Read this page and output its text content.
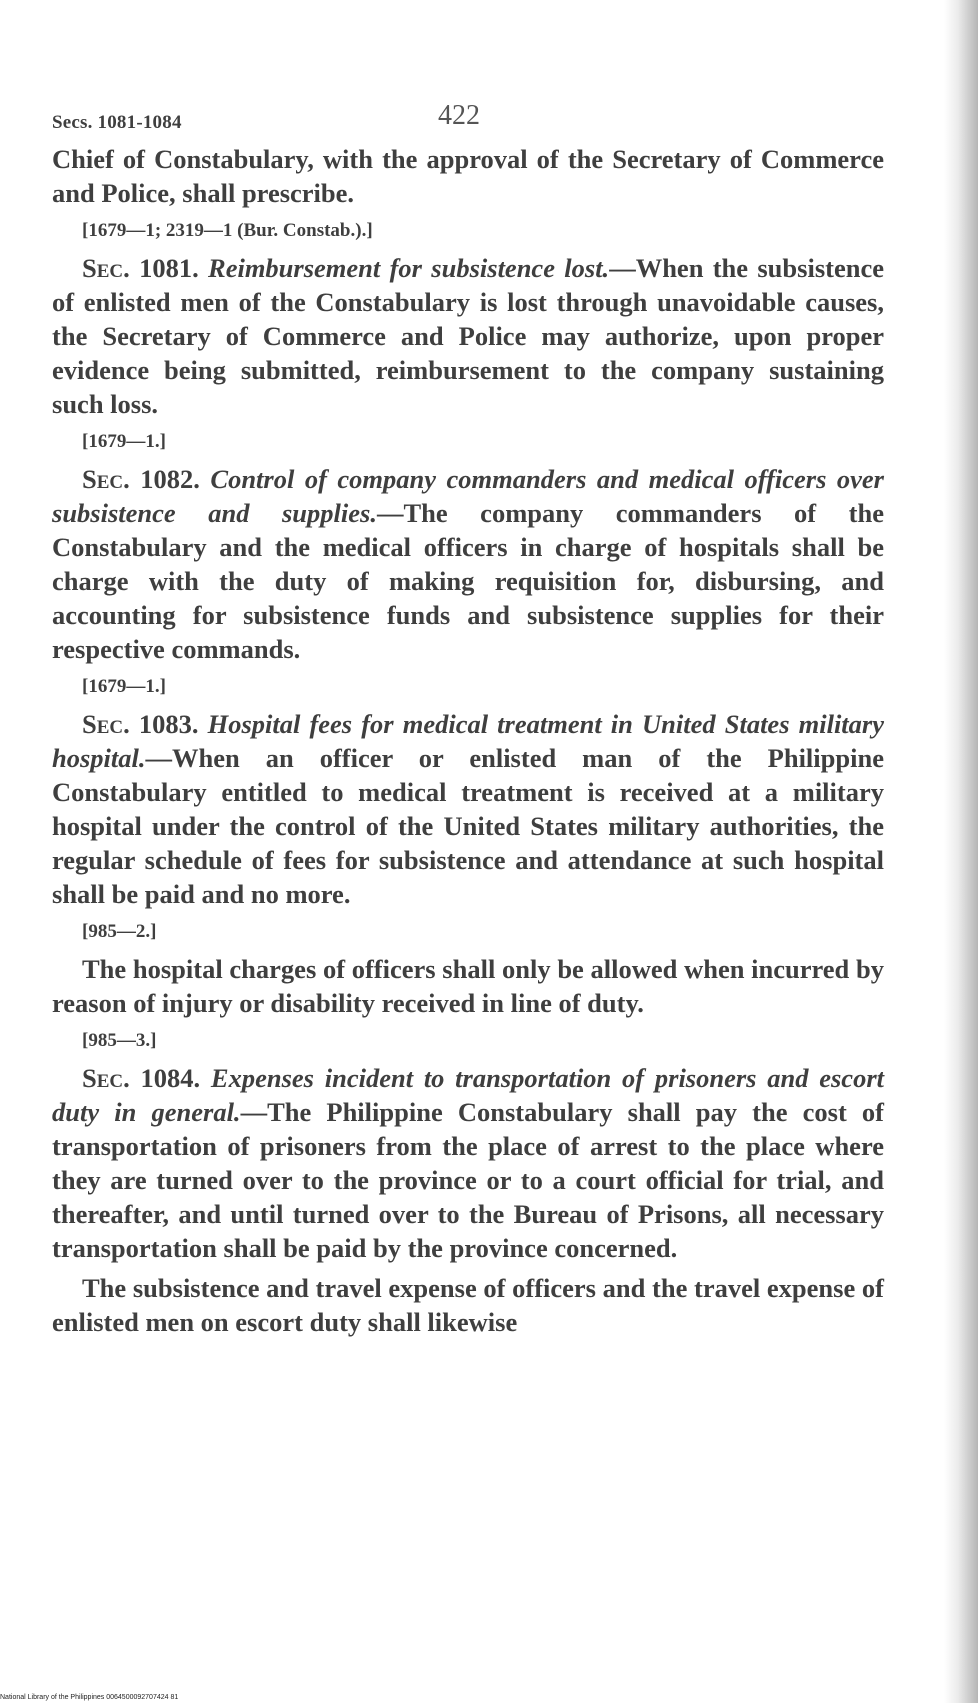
Secs. 1081-1084	422

Chief of Constabulary, with the approval of the Secretary of Commerce and Police, shall prescribe.

[1679—1; 2319—1 (Bur. Constab.).]

Sec. 1081. Reimbursement for subsistence lost.—When the subsistence of enlisted men of the Constabulary is lost through unavoidable causes, the Secretary of Commerce and Police may authorize, upon proper evidence being submitted, reimbursement to the company sustaining such loss.

[1679—1.]

Sec. 1082. Control of company commanders and medical officers over subsistence and supplies.—The company commanders of the Constabulary and the medical officers in charge of hospitals shall be charge with the duty of making requisition for, disbursing, and accounting for subsistence funds and subsistence supplies for their respective commands.

[1679—1.]

Sec. 1083. Hospital fees for medical treatment in United States military hospital.—When an officer or enlisted man of the Philippine Constabulary entitled to medical treatment is received at a military hospital under the control of the United States military authorities, the regular schedule of fees for subsistence and attendance at such hospital shall be paid and no more.

[985—2.]

The hospital charges of officers shall only be allowed when incurred by reason of injury or disability received in line of duty.

[985—3.]

Sec. 1084. Expenses incident to transportation of prisoners and escort duty in general.—The Philippine Constabulary shall pay the cost of transportation of prisoners from the place of arrest to the place where they are turned over to the province or to a court official for trial, and thereafter, and until turned over to the Bureau of Prisons, all necessary transportation shall be paid by the province concerned.

The subsistence and travel expense of officers and the travel expense of enlisted men on escort duty shall likewise

National Library of the Philippines 0064500092707424 81
